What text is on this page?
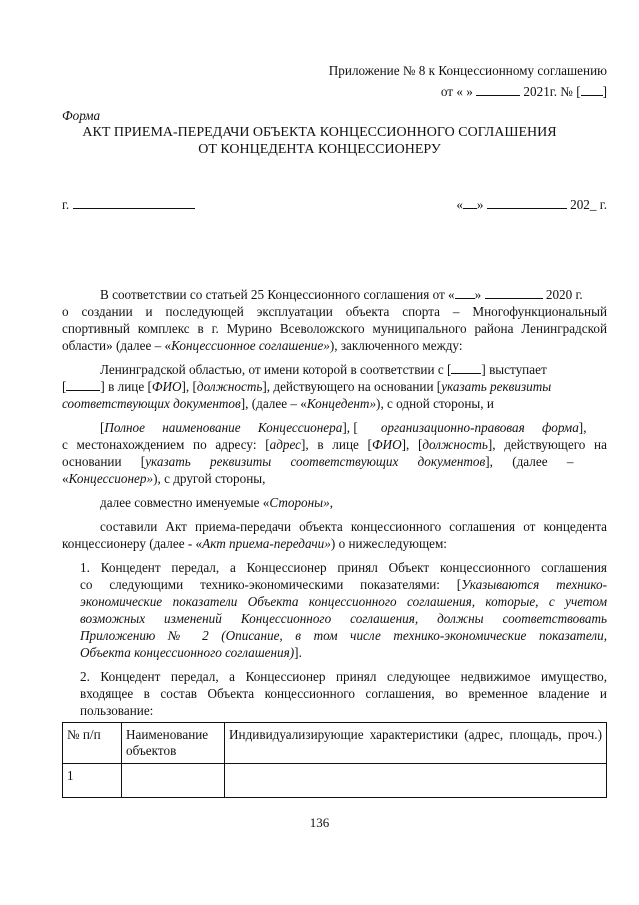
Приложение № 8 к Концессионному соглашению
от « »	2021г. № [ ]
Форма
АКТ ПРИЕМА-ПЕРЕДАЧИ ОБЪЕКТА КОНЦЕССИОННОГО СОГЛАШЕНИЯ
ОТ КОНЦЕДЕНТА КОНЦЕССИОНЕРУ
г.	« »	202_ г.
В соответствии со статьей 25 Концессионного соглашения от « »	2020 г.
о создании и последующей эксплуатации объекта спорта – Многофункциональный
спортивный комплекс в г. Мурино Всеволожского муниципального района Ленинградской
области» (далее – «Концессионное соглашение»), заключенного между:
Ленинградской областью, от имени которой в соответствии с [ ] выступает
[	] в лице [ФИО], [должность], действующего на основании [указать реквизиты
соответствующих документов], (далее – «Концедент»), с одной стороны, и
[Полное наименование Концессионера], [ организационно-правовая форма],
с местонахождением по адресу: [адрес], в лице [ФИО], [должность], действующего на
основании [указать реквизиты соответствующих документов], (далее –
«Концессионер»), с другой стороны,
далее совместно именуемые «Стороны»,
составили Акт приема-передачи объекта концессионного соглашения от концедента
концессионеру (далее - «Акт приема-передачи») о нижеследующем:
1. Концедент передал, а Концессионер принял Объект концессионного соглашения
со следующими технико-экономическими показателями: [Указываются технико-
экономические показатели Объекта концессионного соглашения, которые, с учетом
возможных изменений Концессионного соглашения, должны соответствовать
Приложению № 2 (Описание, в том числе технико-экономические показатели,
Объекта концессионного соглашения)].
2. Концедент передал, а Концессионер принял следующее недвижимое имущество,
входящее в состав Объекта концессионного соглашения, во временное владение и
пользование:
№ п/п	Наименование объектов	Индивидуализирующие характеристики (адрес, площадь, проч.)

1		
136
